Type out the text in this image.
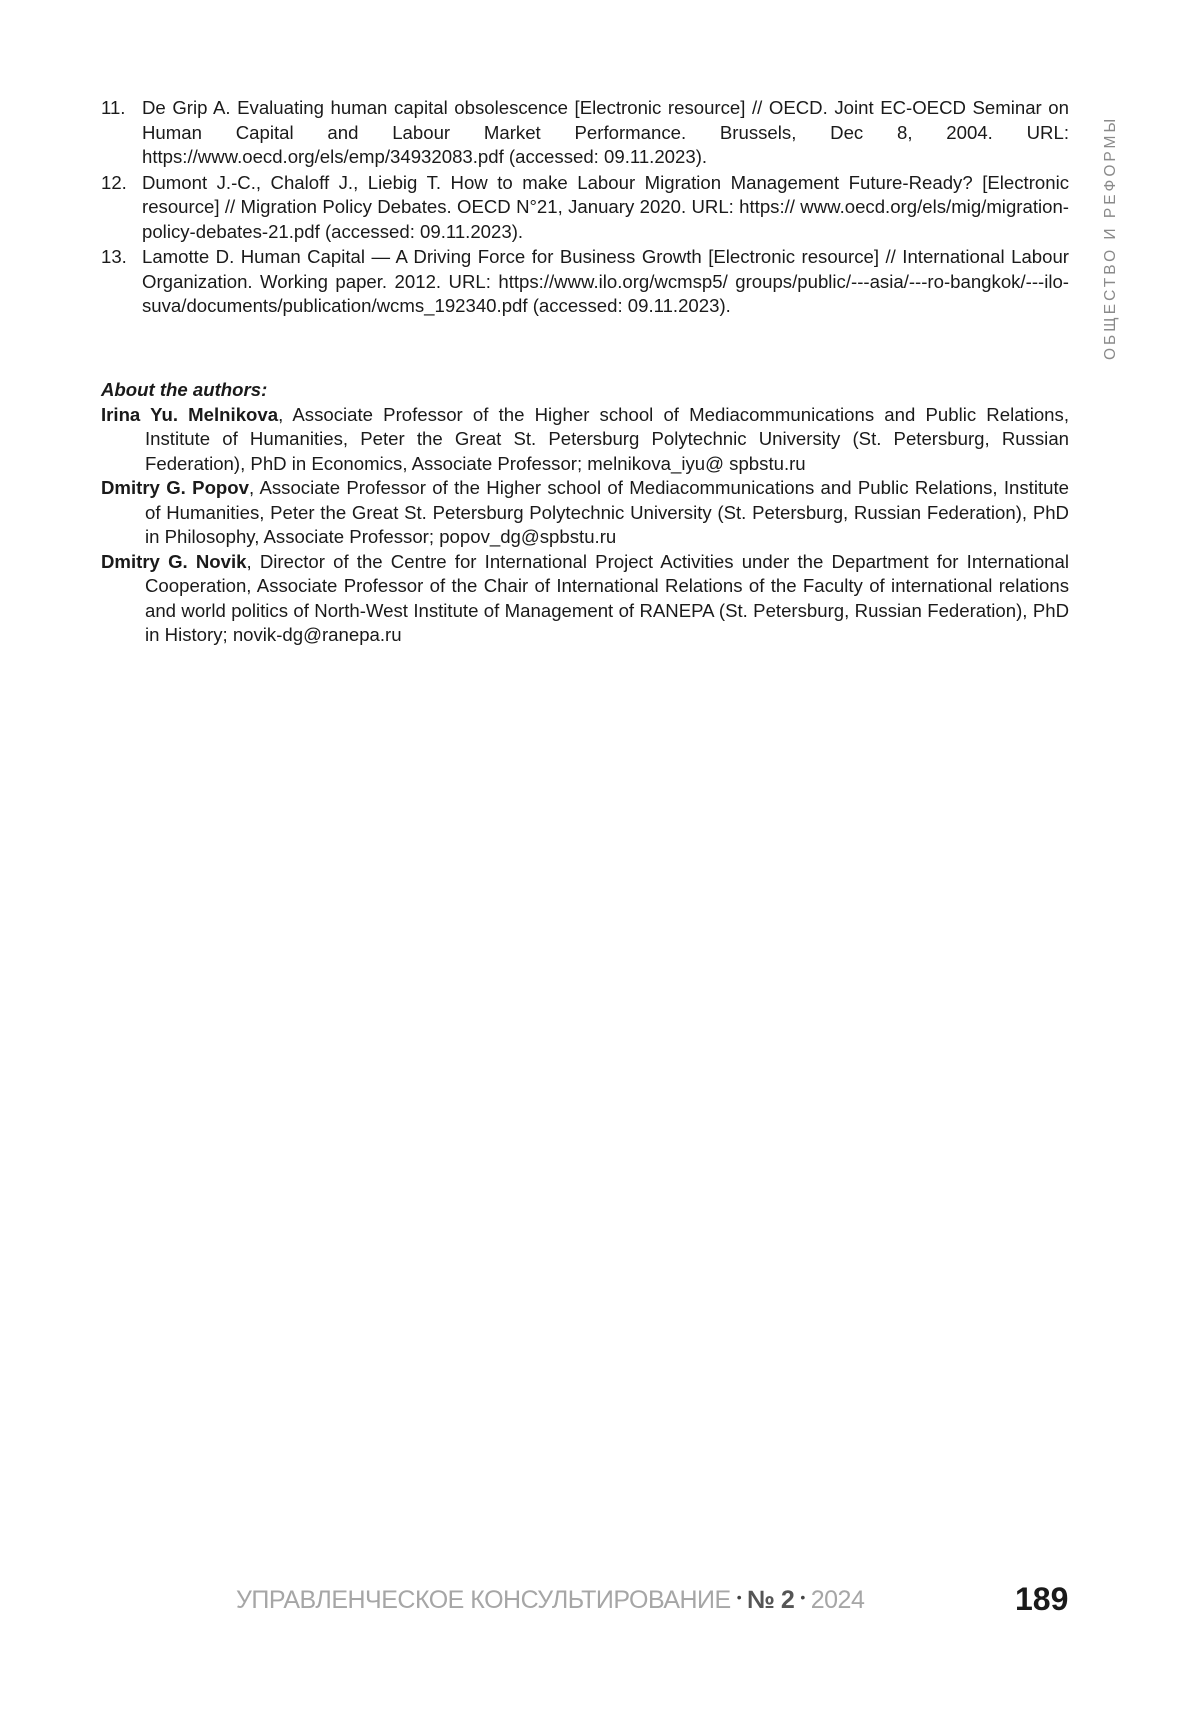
11. De Grip A. Evaluating human capital obsolescence [Electronic resource] // OECD. Joint EC-OECD Seminar on Human Capital and Labour Market Performance. Brussels, Dec 8, 2004. URL: https://www.oecd.org/els/emp/34932083.pdf (accessed: 09.11.2023).
12. Dumont J.-C., Chaloff J., Liebig T. How to make Labour Migration Management Future-Ready? [Electronic resource] // Migration Policy Debates. OECD N°21, January 2020. URL: https:// www.oecd.org/els/mig/migration-policy-debates-21.pdf (accessed: 09.11.2023).
13. Lamotte D. Human Capital — A Driving Force for Business Growth [Electronic resource] // International Labour Organization. Working paper. 2012. URL: https://www.ilo.org/wcmsp5/ groups/public/---asia/---ro-bangkok/---ilo-suva/documents/publication/wcms_192340.pdf (accessed: 09.11.2023).

About the authors:

Irina Yu. Melnikova, Associate Professor of the Higher school of Mediacommunications and Public Relations, Institute of Humanities, Peter the Great St. Petersburg Polytechnic University (St. Petersburg, Russian Federation), PhD in Economics, Associate Professor; melnikova_iyu@ spbstu.ru

Dmitry G. Popov, Associate Professor of the Higher school of Mediacommunications and Public Relations, Institute of Humanities, Peter the Great St. Petersburg Polytechnic University (St. Petersburg, Russian Federation), PhD in Philosophy, Associate Professor; popov_dg@spbstu.ru

Dmitry G. Novik, Director of the Centre for International Project Activities under the Department for International Cooperation, Associate Professor of the Chair of International Relations of the Faculty of international relations and world politics of North-West Institute of Management of RANEPA (St. Petersburg, Russian Federation), PhD in History; novik-dg@ranepa.ru

ОБЩЕСТВО И РЕФОРМЫ
УПРАВЛЕНЧЕСКОЕ КОНСУЛЬТИРОВАНИЕ • № 2 • 2024	189
